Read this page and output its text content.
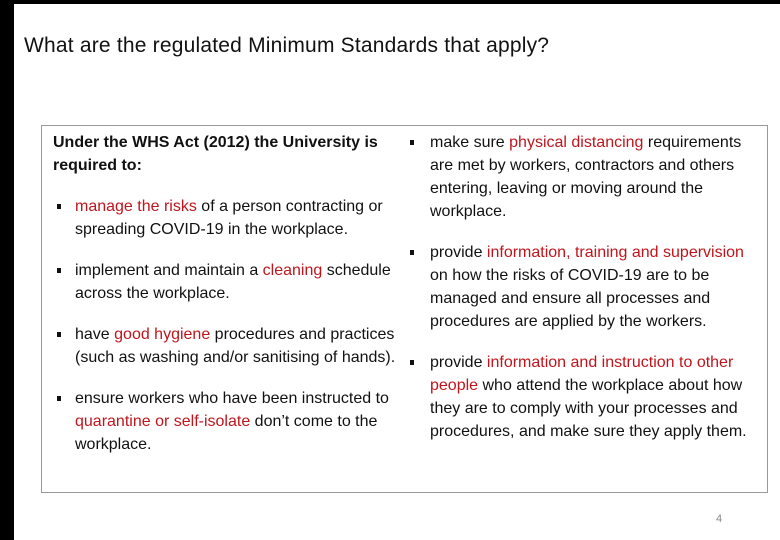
What are the regulated Minimum Standards that apply?

Under the WHS Act (2012) the University is required to:

manage the risks of a person contracting or spreading COVID-19 in the workplace.

implement and maintain a cleaning schedule across the workplace.

have good hygiene procedures and practices (such as washing and/or sanitising of hands).

ensure workers who have been instructed to quarantine or self-isolate don’t come to the workplace.

make sure physical distancing requirements are met by workers, contractors and others entering, leaving or moving around the workplace.

provide information, training and supervision on how the risks of COVID-19 are to be managed and ensure all processes and procedures are applied by the workers.

provide information and instruction to other people who attend the workplace about how they are to comply with your processes and procedures, and make sure they apply them.

4
